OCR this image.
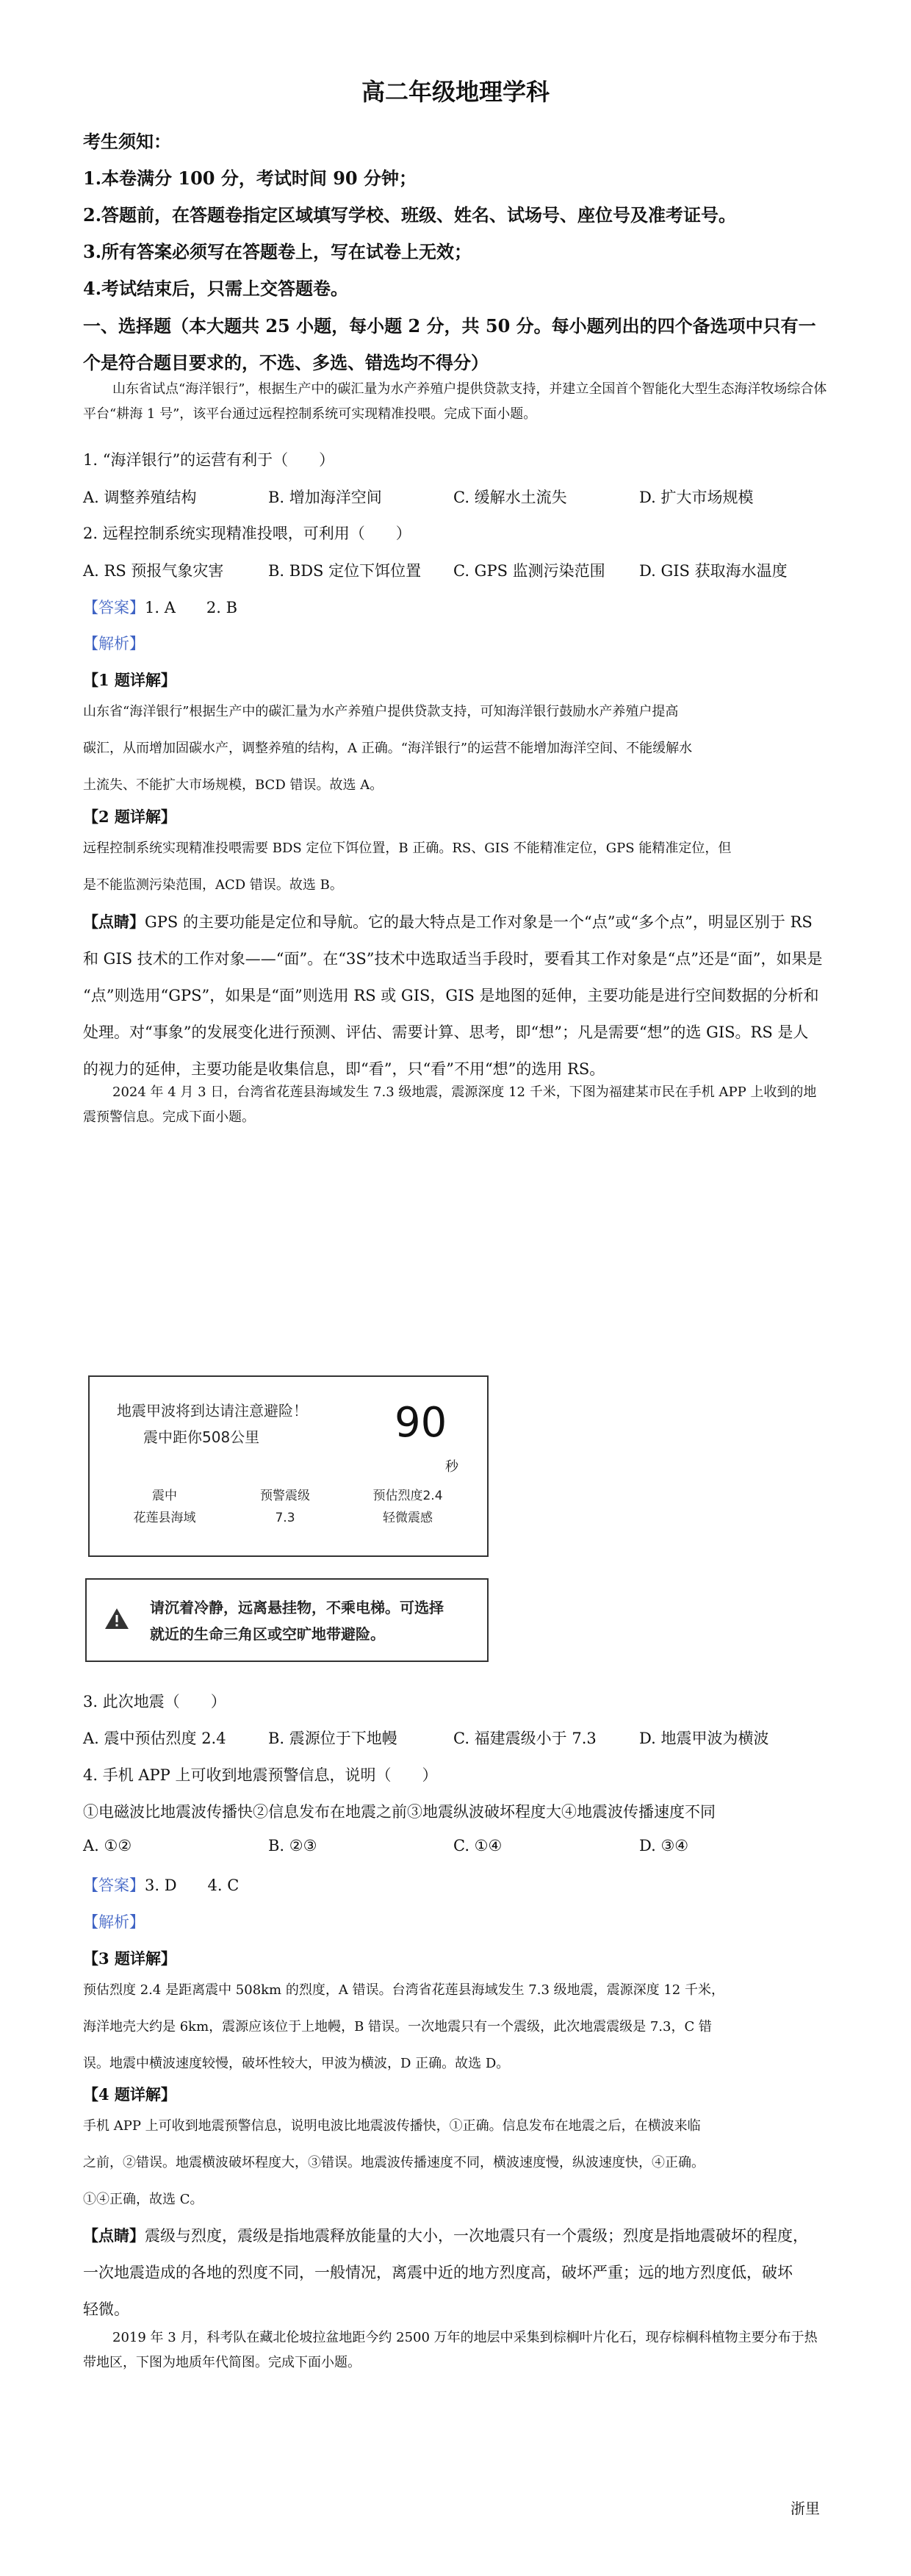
高二年级地理学科
考生须知：
1.本卷满分 100 分，考试时间 90 分钟；
2.答题前，在答题卷指定区域填写学校、班级、姓名、试场号、座位号及准考证号。
3.所有答案必须写在答题卷上，写在试卷上无效；
4.考试结束后，只需上交答题卷。
一、选择题（本大题共 25 小题，每小题 2 分，共 50 分。每小题列出的四个备选项中只有一
个是符合题目要求的，不选、多选、错选均不得分）
山东省试点“海洋银行”，根据生产中的碳汇量为水产养殖户提供贷款支持，并建立全国首个智能化大型生态海洋牧场综合体平台“耕海 1 号”，该平台通过远程控制系统可实现精准投喂。完成下面小题。
1. “海洋银行”的运营有利于（　　）
A. 调整养殖结构	B. 增加海洋空间	C. 缓解水土流失	D. 扩大市场规模
2. 远程控制系统实现精准投喂，可利用（　　）
A. RS 预报气象灾害	B. BDS 定位下饵位置 C. GPS 监测污染范围 D. GIS 获取海水温度
【答案】1. A　　2. B
【解析】
【1 题详解】
山东省“海洋银行”根据生产中的碳汇量为水产养殖户提供贷款支持，可知海洋银行鼓励水产养殖户提高
碳汇，从而增加固碳水产，调整养殖的结构，A 正确。“海洋银行”的运营不能增加海洋空间、不能缓解水
土流失、不能扩大市场规模，BCD 错误。故选 A。
【2 题详解】
远程控制系统实现精准投喂需要 BDS 定位下饵位置，B 正确。RS、GIS 不能精准定位，GPS 能精准定位，但
是不能监测污染范围，ACD 错误。故选 B。
【点睛】GPS 的主要功能是定位和导航。它的最大特点是工作对象是一个“点”或“多个点”，明显区别于 RS
和 GIS 技术的工作对象——“面”。在“3S”技术中选取适当手段时，要看其工作对象是“点”还是“面”，如果是
“点”则选用“GPS”，如果是“面”则选用 RS 或 GIS，GIS 是地图的延伸，主要功能是进行空间数据的分析和
处理。对“事象”的发展变化进行预测、评估、需要计算、思考，即“想”；凡是需要“想”的选 GIS。RS 是人
的视力的延伸，主要功能是收集信息，即“看”，只“看”不用“想”的选用 RS。
2024 年 4 月 3 日，台湾省花莲县海域发生 7.3 级地震，震源深度 12 千米，下图为福建某市民在手机 APP 上收到的地震预警信息。完成下面小题。
地震甲波将到达请注意避险！
震中距你508公里	90
秒
震中
花莲县海域
预警震级
7.3
预估烈度2.4
轻微震感
请沉着冷静，远离悬挂物，不乘电梯。可选择
就近的生命三角区或空旷地带避险。
3. 此次地震（　　）
A. 震中预估烈度 2.4	B. 震源位于下地幔	C. 福建震级小于 7.3	D. 地震甲波为横波
4. 手机 APP 上可收到地震预警信息，说明（　　）
①电磁波比地震波传播快②信息发布在地震之前③地震纵波破坏程度大④地震波传播速度不同
A. ①②	B. ②③	C. ①④	D. ③④
【答案】3. D　　4. C
【解析】
【3 题详解】
预估烈度 2.4 是距离震中 508km 的烈度，A 错误。台湾省花莲县海域发生 7.3 级地震，震源深度 12 千米，
海洋地壳大约是 6km，震源应该位于上地幔，B 错误。一次地震只有一个震级，此次地震震级是 7.3，C 错
误。地震中横波速度较慢，破坏性较大，甲波为横波，D 正确。故选 D。
【4 题详解】
手机 APP 上可收到地震预警信息，说明电波比地震波传播快，①正确。信息发布在地震之后，在横波来临
之前，②错误。地震横波破坏程度大，③错误。地震波传播速度不同，横波速度慢，纵波速度快，④正确。
①④正确，故选 C。
【点睛】震级与烈度，震级是指地震释放能量的大小，一次地震只有一个震级；烈度是指地震破坏的程度，
一次地震造成的各地的烈度不同，一般情况，离震中近的地方烈度高，破坏严重；远的地方烈度低，破坏
轻微。
2019 年 3 月，科考队在藏北伦坡拉盆地距今约 2500 万年的地层中采集到棕榈叶片化石，现存棕榈科植物主要分布于热带地区，下图为地质年代简图。完成下面小题。
浙里
